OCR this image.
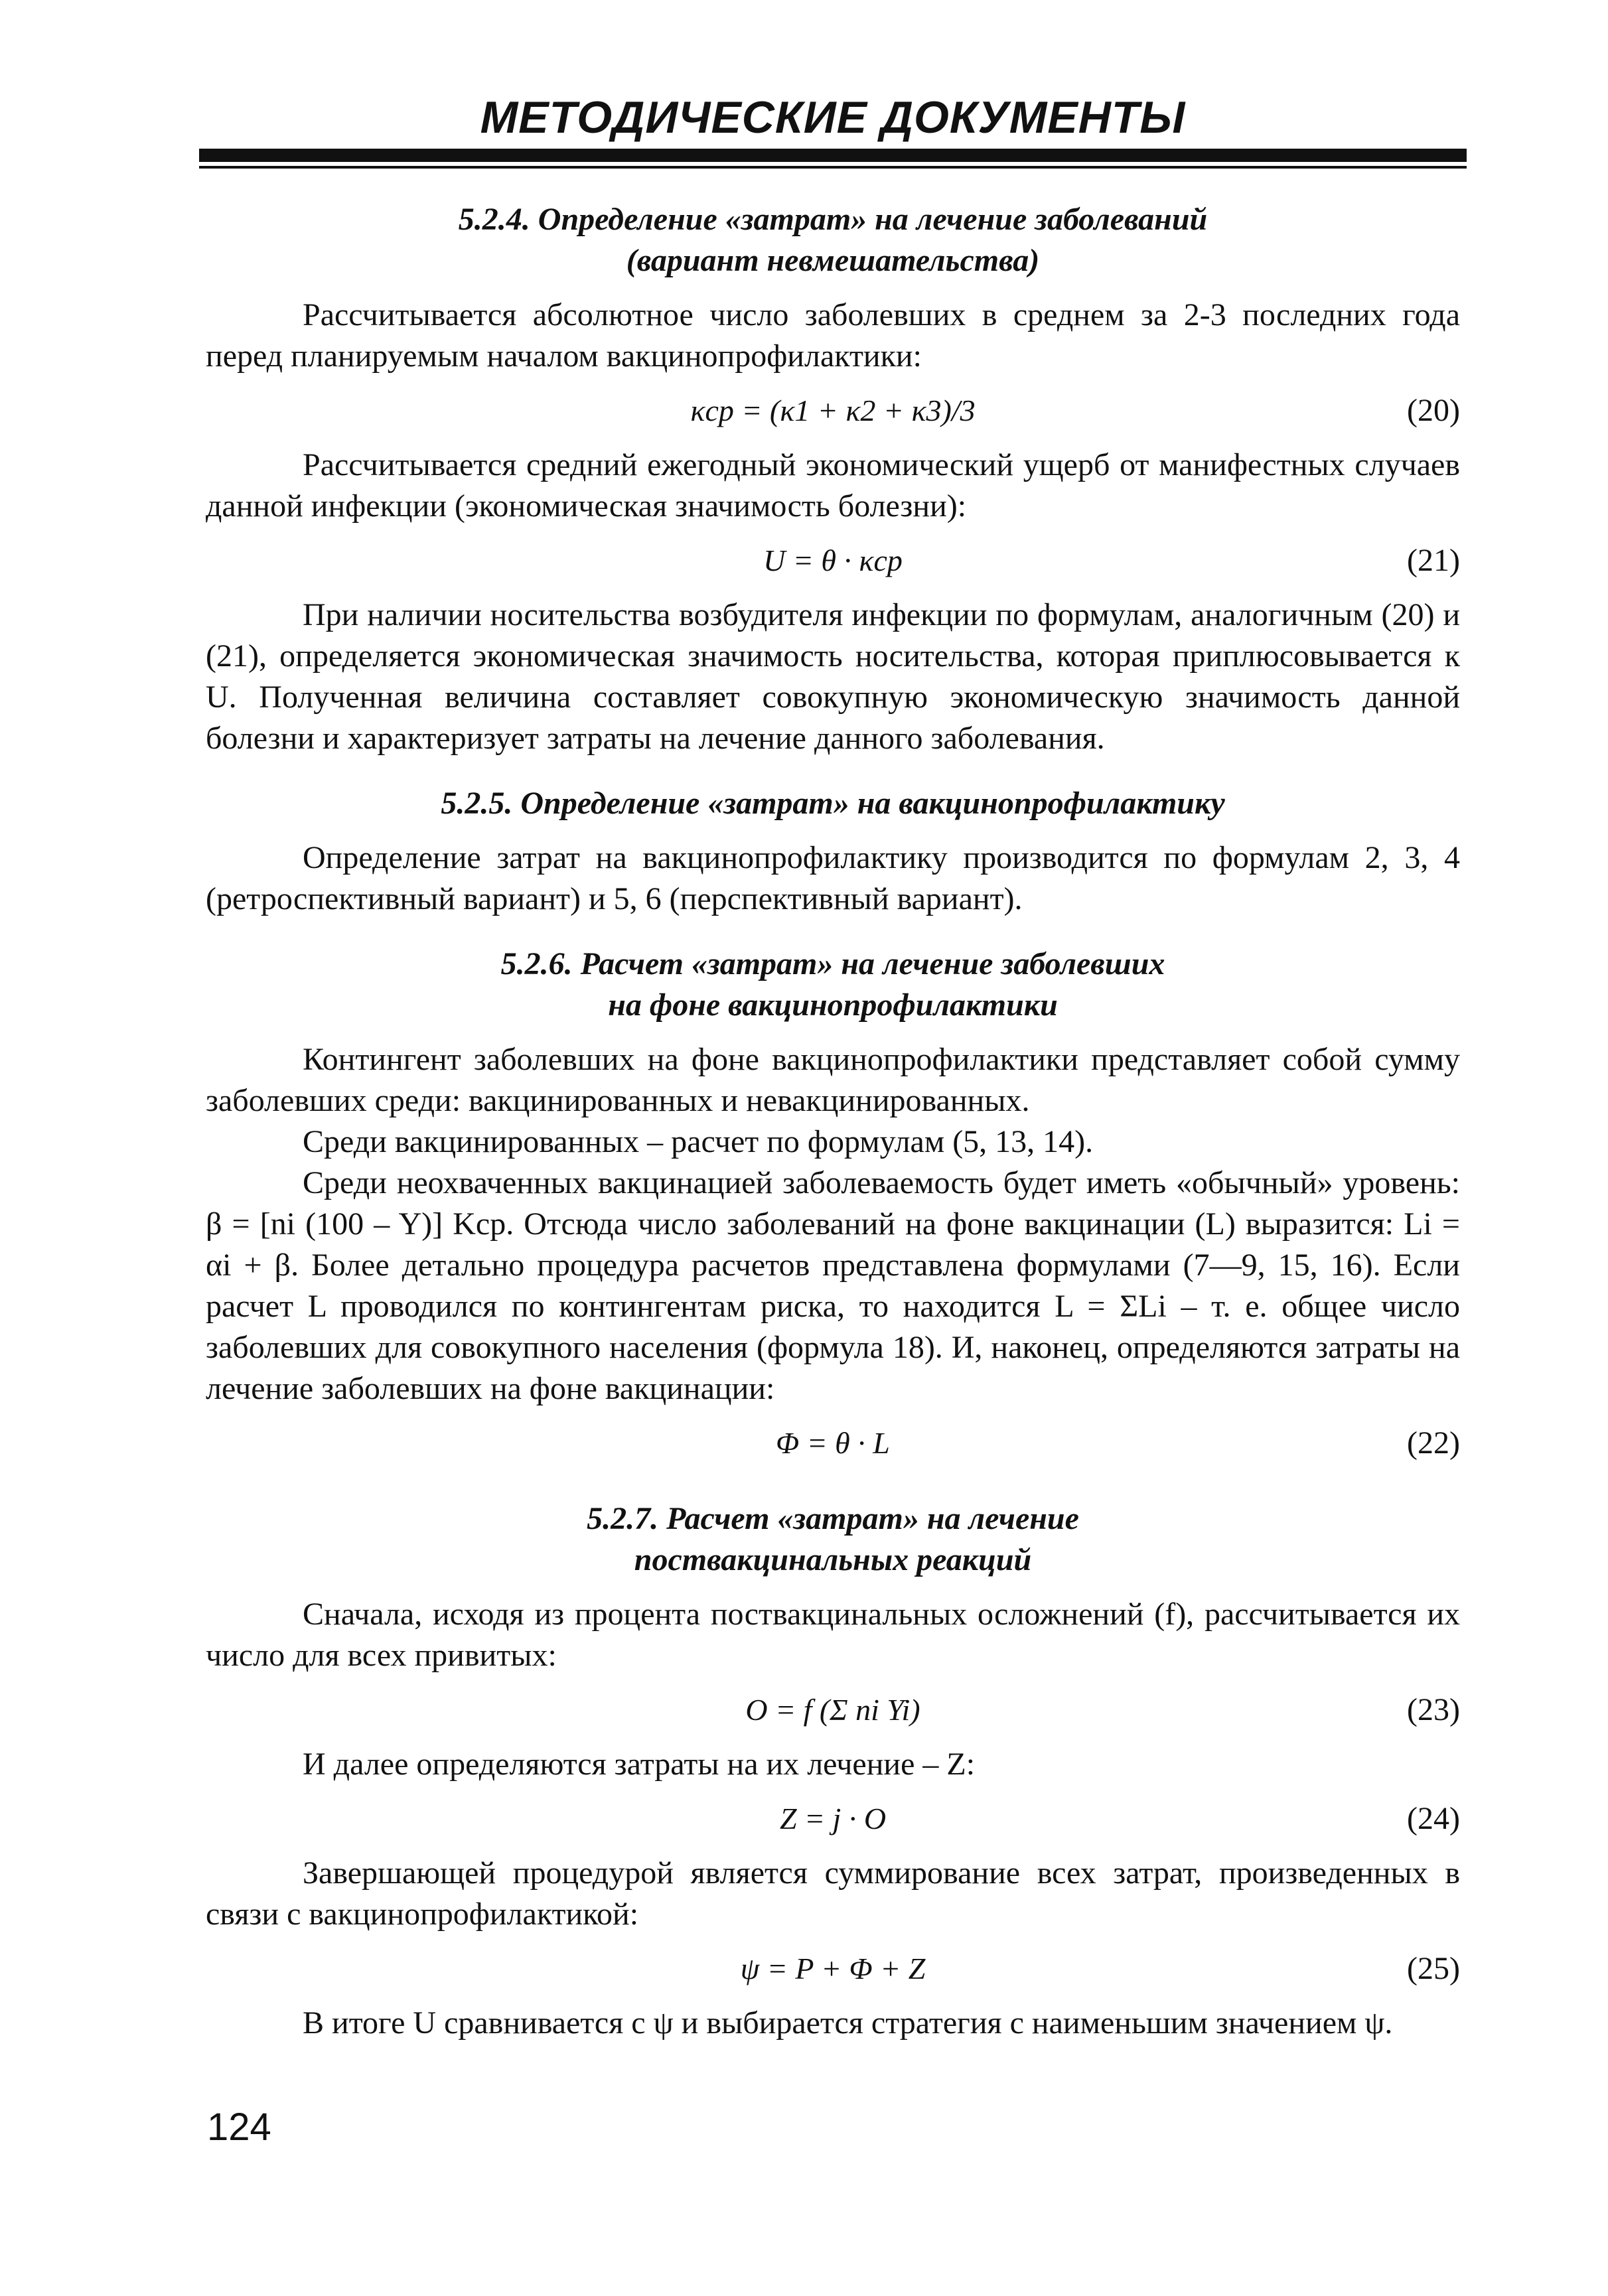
МЕТОДИЧЕСКИЕ ДОКУМЕНТЫ

5.2.4. Определение «затрат» на лечение заболеваний

(вариант невмешательства)

Рассчитывается абсолютное число заболевших в среднем за 2-3 последних года перед планируемым началом вакцинопрофилактики:

κср = (κ1 + κ2 + κ3)/3	(20)

Рассчитывается средний ежегодный экономический ущерб от манифестных случаев данной инфекции (экономическая значимость болезни):

U = θ · κср	(21)

При наличии носительства возбудителя инфекции по формулам, аналогичным (20) и (21), определяется экономическая значимость носительства, которая приплюсовывается к U. Полученная величина составляет совокупную экономическую значимость данной болезни и характеризует затраты на лечение данного заболевания.

5.2.5. Определение «затрат» на вакцинопрофилактику

Определение затрат на вакцинопрофилактику производится по формулам 2, 3, 4 (ретроспективный вариант) и 5, 6 (перспективный вариант).

5.2.6. Расчет «затрат» на лечение заболевших

на фоне вакцинопрофилактики

Контингент заболевших на фоне вакцинопрофилактики представляет собой сумму заболевших среди: вакцинированных и невакцинированных.

Среди вакцинированных – расчет по формулам (5, 13, 14).

Среди неохваченных вакцинацией заболеваемость будет иметь «обычный» уровень: β = [ni (100 – Y)] Kср. Отсюда число заболеваний на фоне вакцинации (L) выразится: Li = αi + β. Более детально процедура расчетов представлена формулами (7—9, 15, 16). Если расчет L проводился по контингентам риска, то находится L = ΣLi – т. е. общее число заболевших для совокупного населения (формула 18). И, наконец, определяются затраты на лечение заболевших на фоне вакцинации:

Φ = θ · L	(22)

5.2.7. Расчет «затрат» на лечение

поствакцинальных реакций

Сначала, исходя из процента поствакцинальных осложнений (f), рассчитывается их число для всех привитых:

O = f (Σ ni Yi)	(23)

И далее определяются затраты на их лечение – Z:

Z = j · O	(24)

Завершающей процедурой является суммирование всех затрат, произведенных в связи с вакцинопрофилактикой:

ψ = P + Φ + Z	(25)

В итоге U сравнивается с ψ и выбирается стратегия с наименьшим значением ψ.

124
